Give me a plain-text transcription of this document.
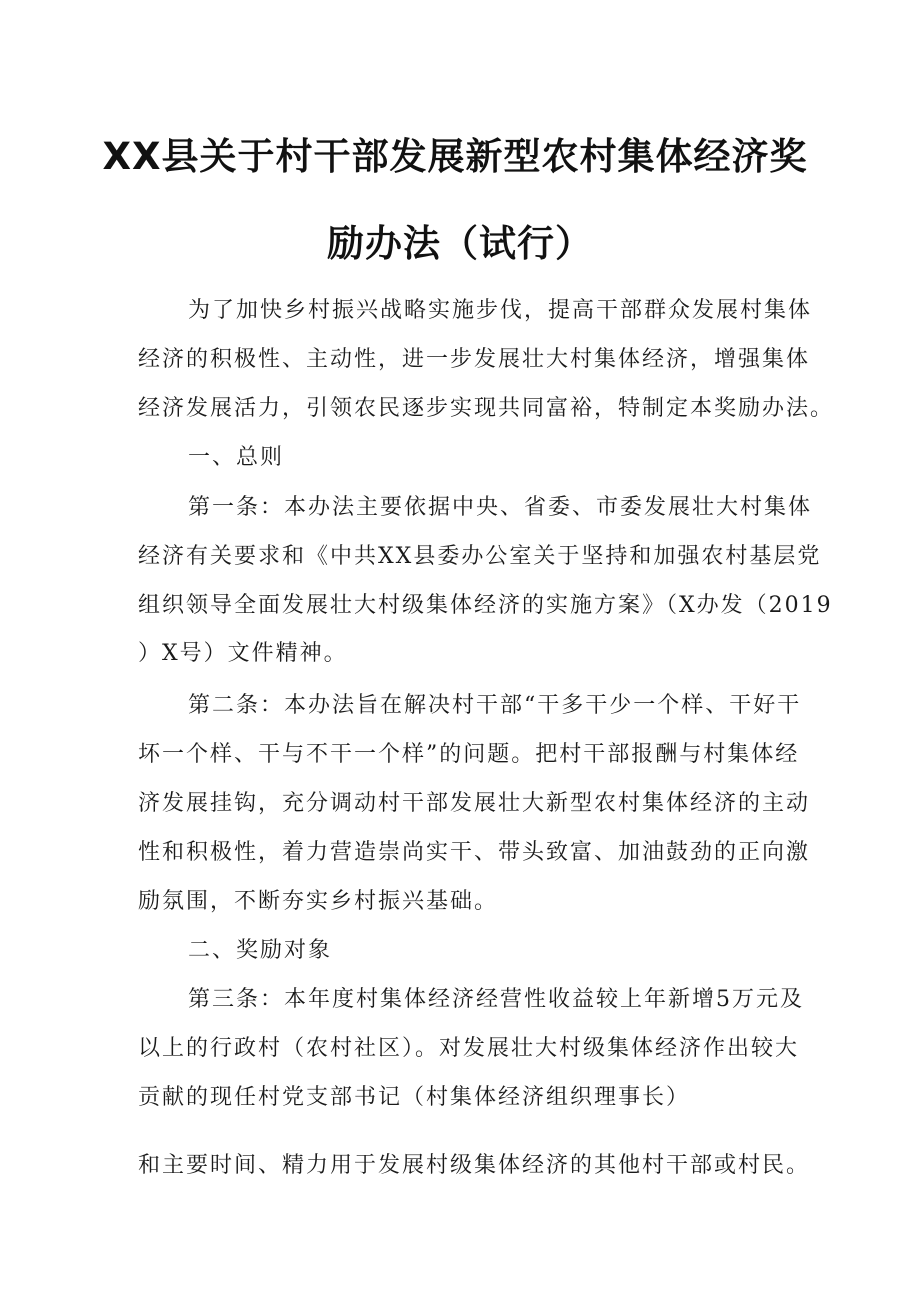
XX县关于村干部发展新型农村集体经济奖
励办法（试行）
为了加快乡村振兴战略实施步伐，提高干部群众发展村集体
经济的积极性、主动性，进一步发展壮大村集体经济，增强集体
经济发展活力，引领农民逐步实现共同富裕，特制定本奖励办法。
一、总则
第一条：本办法主要依据中央、省委、市委发展壮大村集体
经济有关要求和《中共XX县委办公室关于坚持和加强农村基层党
组织领导全面发展壮大村级集体经济的实施方案》（X办发（2019
）X号）文件精神。
第二条：本办法旨在解决村干部“干多干少一个样、干好干
坏一个样、干与不干一个样”的问题。把村干部报酬与村集体经
济发展挂钩，充分调动村干部发展壮大新型农村集体经济的主动
性和积极性，着力营造崇尚实干、带头致富、加油鼓劲的正向激
励氛围，不断夯实乡村振兴基础。
二、奖励对象
第三条：本年度村集体经济经营性收益较上年新增5万元及
以上的行政村（农村社区）。对发展壮大村级集体经济作出较大
贡献的现任村党支部书记（村集体经济组织理事长）
和主要时间、精力用于发展村级集体经济的其他村干部或村民。
